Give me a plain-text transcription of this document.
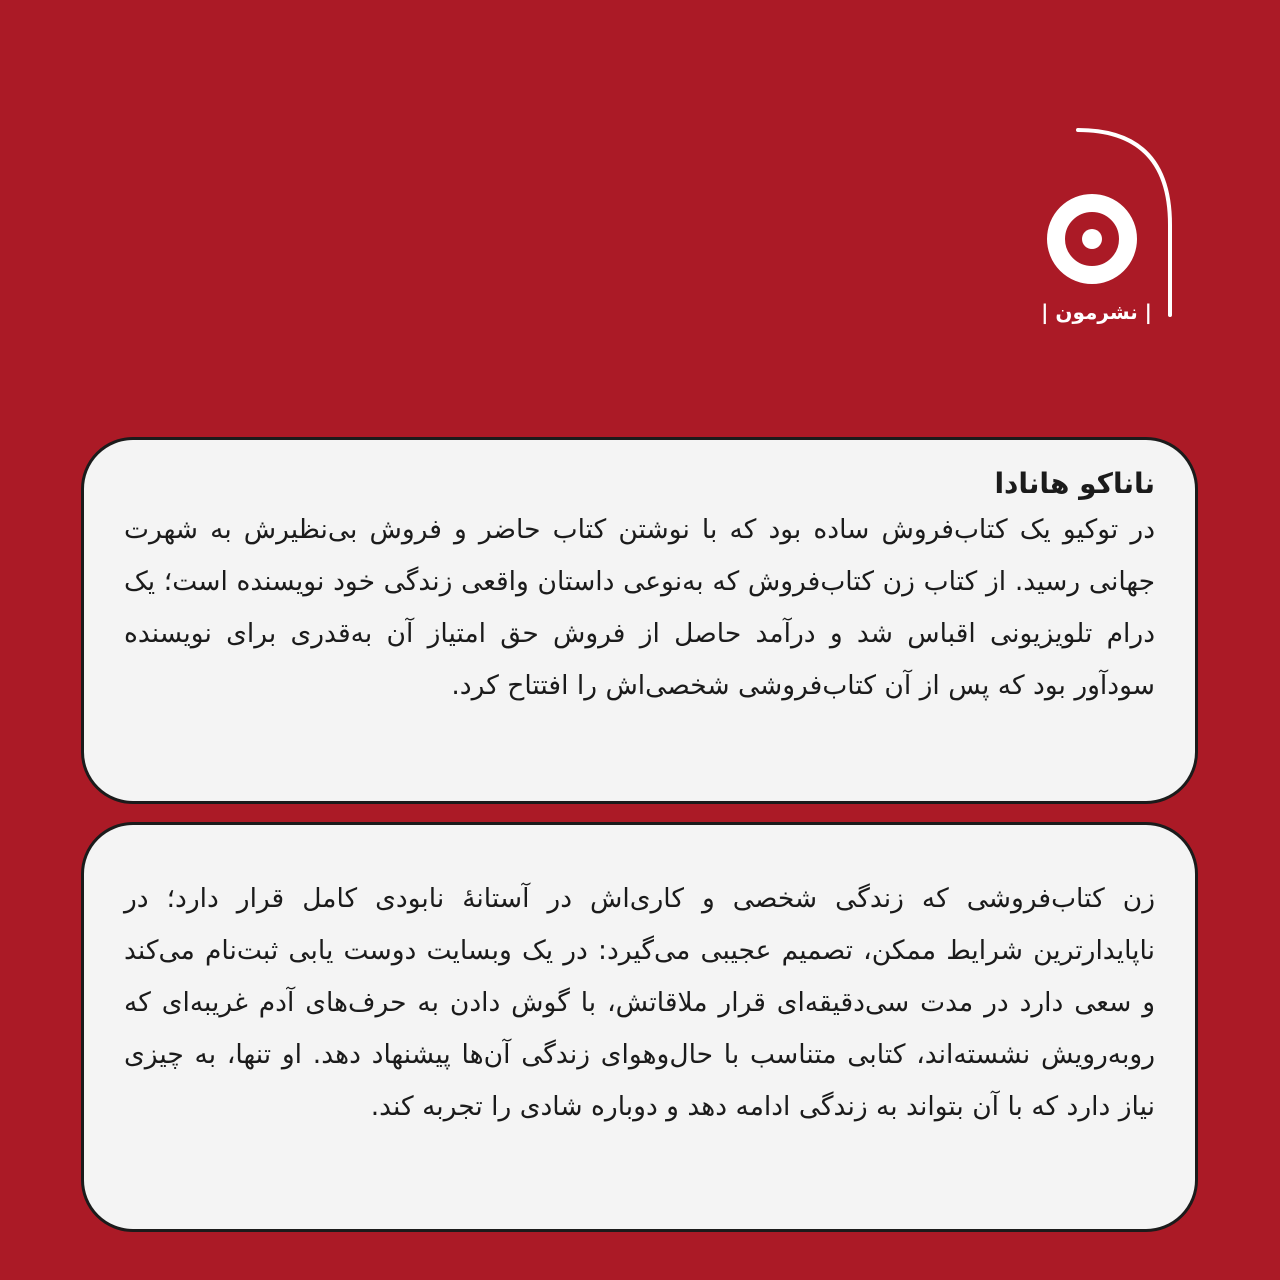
| نشرمون |

ناناکو هانادا

در توکیو یک کتاب‌فروش ساده بود که با نوشتن کتاب حاضر و فروش بی‌نظیرش به شهرت جهانی رسید. از کتاب زن کتاب‌فروش که به‌نوعی داستان واقعی زندگی خود نویسنده است؛ یک درام تلویزیونی اقباس شد و درآمد حاصل از فروش حق امتیاز آن به‌قدری برای نویسنده سودآور بود که پس از آن کتاب‌فروشی شخصی‌اش را افتتاح کرد.

زن کتاب‌فروشی که زندگی شخصی و کاری‌اش در آستانۀ نابودی کامل قرار دارد؛ در ناپایدارترین شرایط ممکن، تصمیم عجیبی می‌گیرد: در یک وبسایت دوست یابی ثبت‌نام می‌کند و سعی دارد در مدت سی‌دقیقه‌ای قرار ملاقاتش، با گوش دادن به حرف‌های آدم غریبه‌ای که روبه‌رویش نشسته‌اند، کتابی متناسب با حال‌وهوای زندگی آن‌ها پیشنهاد دهد. او تنها، به چیزی نیاز دارد که با آن بتواند به زندگی ادامه دهد و دوباره شادی را تجربه کند.
